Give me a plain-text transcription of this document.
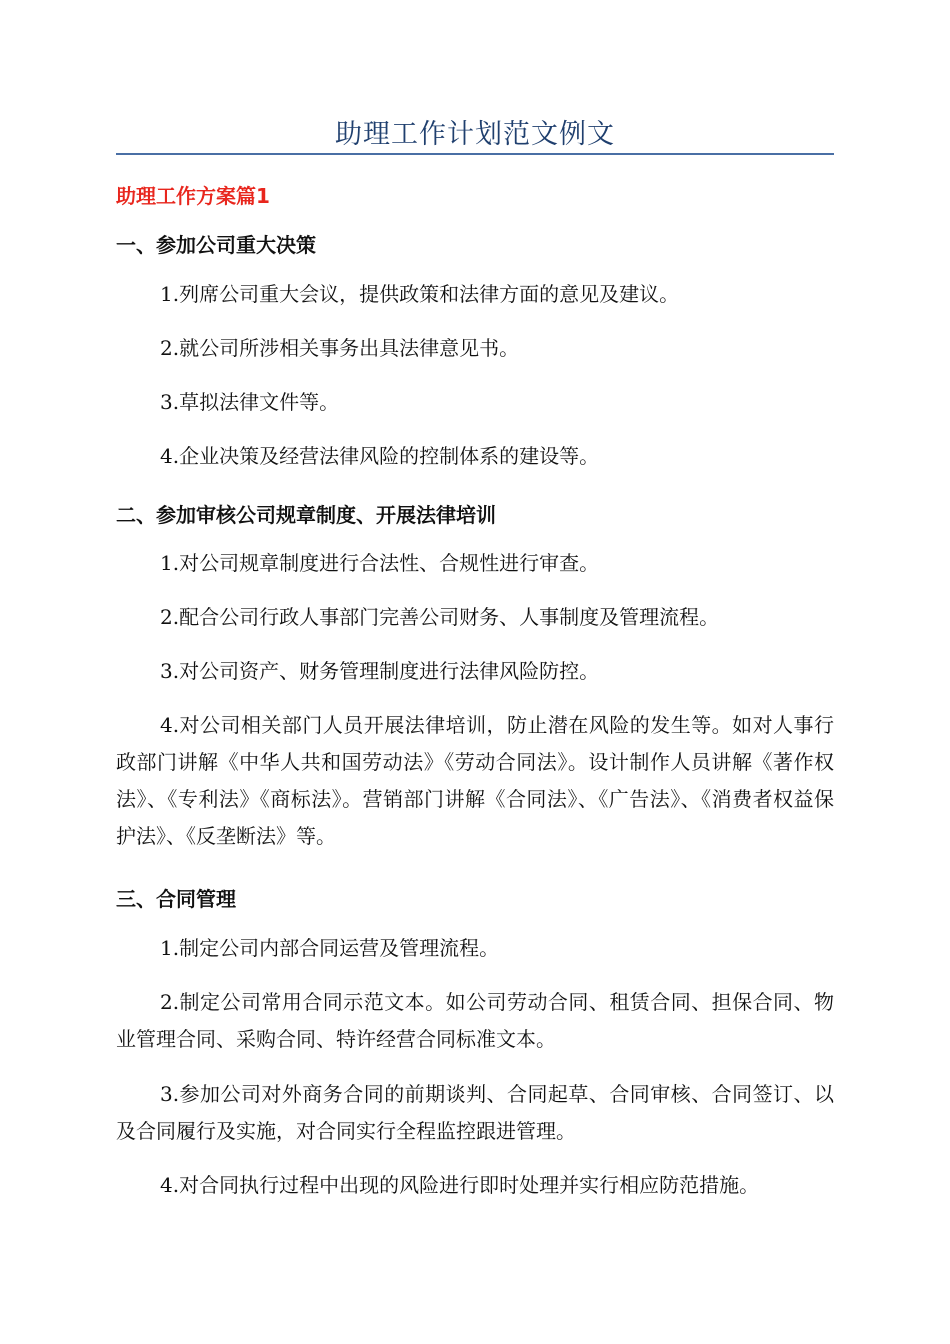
助理工作计划范文例文
助理工作方案篇1
一、参加公司重大决策

1.列席公司重大会议，提供政策和法律方面的意见及建议。

2.就公司所涉相关事务出具法律意见书。

3.草拟法律文件等。

4.企业决策及经营法律风险的控制体系的建设等。

二、参加审核公司规章制度、开展法律培训

1.对公司规章制度进行合法性、合规性进行审查。

2.配合公司行政人事部门完善公司财务、人事制度及管理流程。

3.对公司资产、财务管理制度进行法律风险防控。

4.对公司相关部门人员开展法律培训，防止潜在风险的发生等。如对人事行政部门讲解《中华人共和国劳动法》《劳动合同法》。设计制作人员讲解《著作权法》、《专利法》《商标法》。营销部门讲解《合同法》、《广告法》、《消费者权益保护法》、《反垄断法》等。

三、合同管理

1.制定公司内部合同运营及管理流程。

2.制定公司常用合同示范文本。如公司劳动合同、租赁合同、担保合同、物业管理合同、采购合同、特许经营合同标准文本。

3.参加公司对外商务合同的前期谈判、合同起草、合同审核、合同签订、以及合同履行及实施，对合同实行全程监控跟进管理。

4.对合同执行过程中出现的风险进行即时处理并实行相应防范措施。
